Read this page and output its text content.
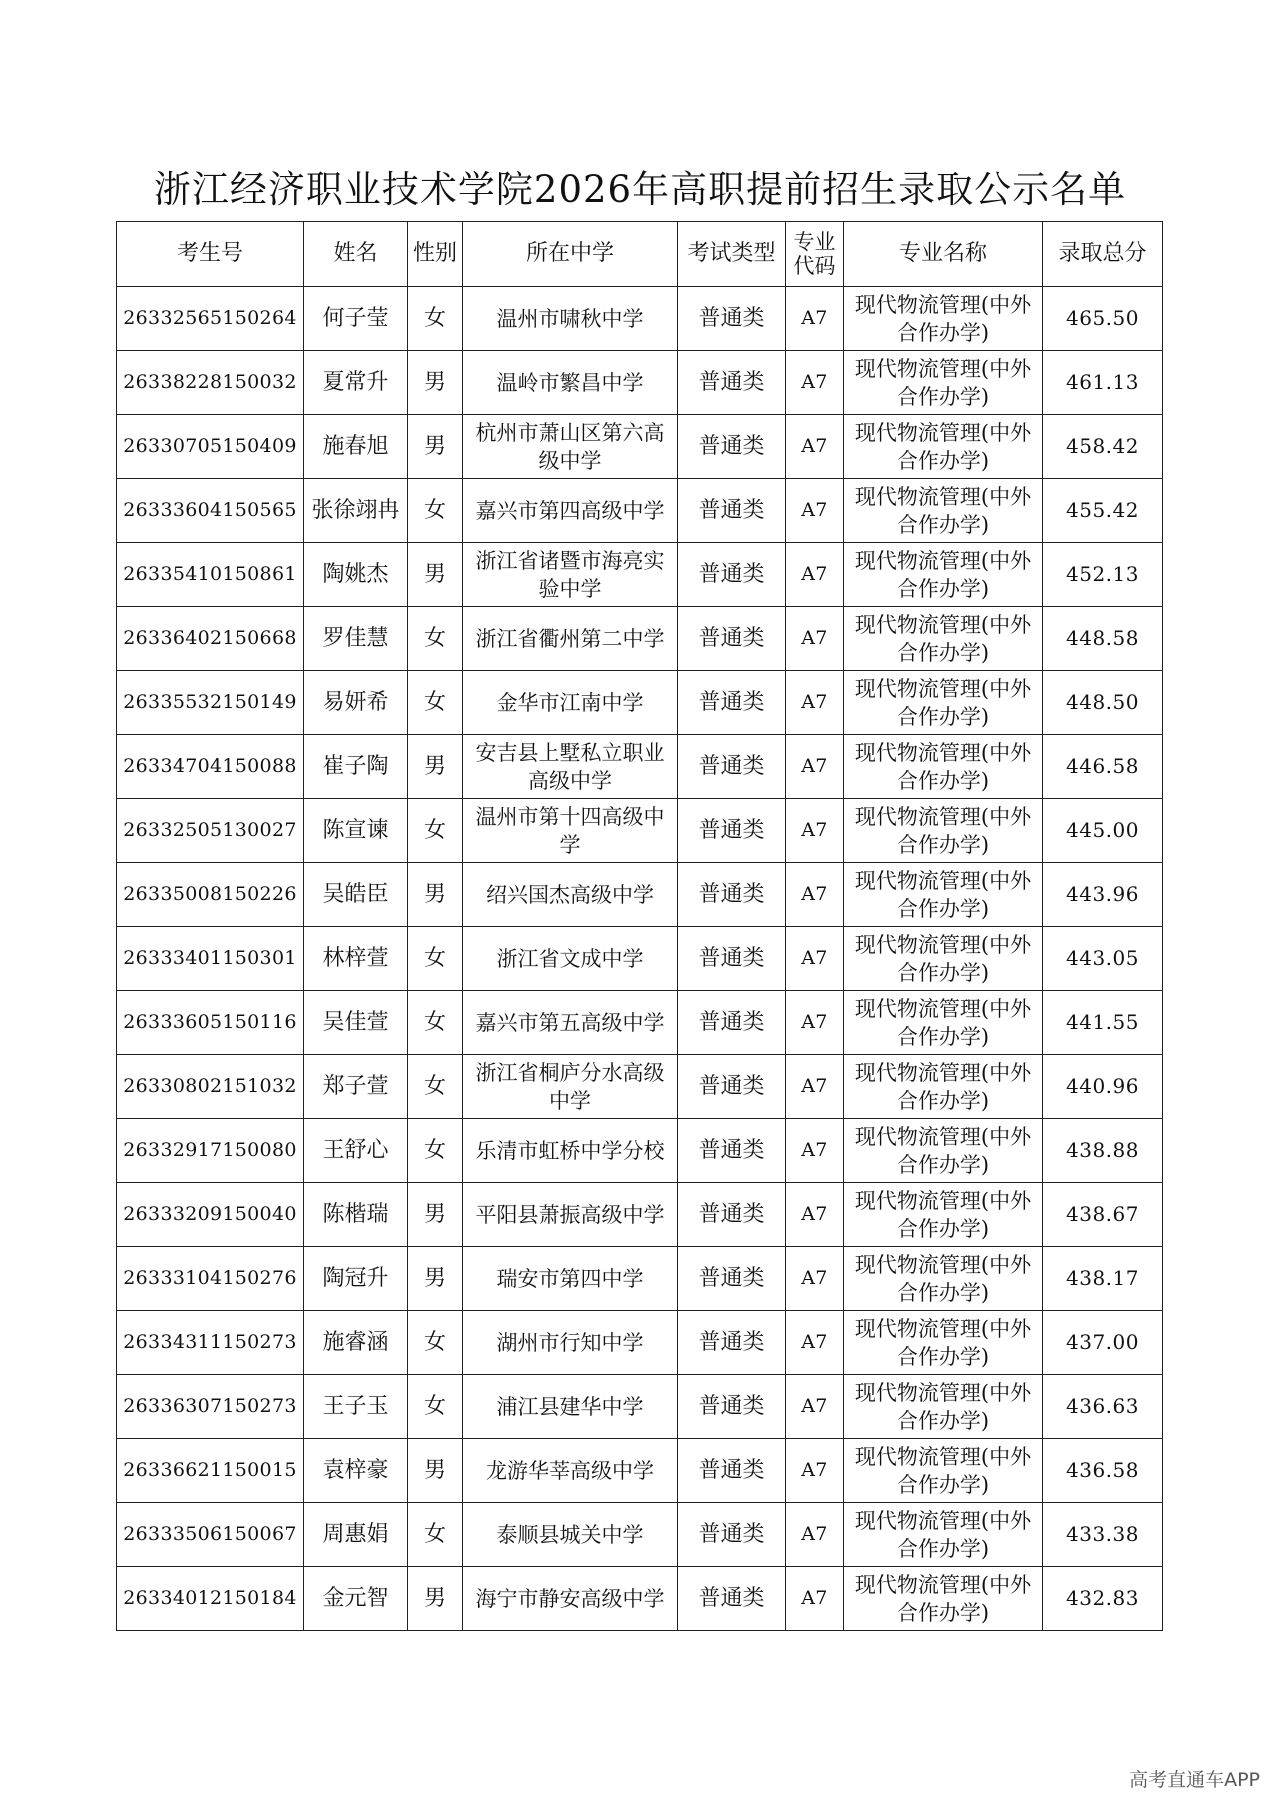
浙江经济职业技术学院2026年高职提前招生录取公示名单
考生号	姓名	性别	所在中学	考试类型	专业代码	专业名称	录取总分
26332565150264	何子莹	女	温州市啸秋中学	普通类	A7	现代物流管理(中外合作办学)	465.50
26338228150032	夏常升	男	温岭市繁昌中学	普通类	A7	现代物流管理(中外合作办学)	461.13
26330705150409	施春旭	男	杭州市萧山区第六高级中学	普通类	A7	现代物流管理(中外合作办学)	458.42
26333604150565	张徐翊冉	女	嘉兴市第四高级中学	普通类	A7	现代物流管理(中外合作办学)	455.42
26335410150861	陶姚杰	男	浙江省诸暨市海亮实验中学	普通类	A7	现代物流管理(中外合作办学)	452.13
26336402150668	罗佳慧	女	浙江省衢州第二中学	普通类	A7	现代物流管理(中外合作办学)	448.58
26335532150149	易妍希	女	金华市江南中学	普通类	A7	现代物流管理(中外合作办学)	448.50
26334704150088	崔子陶	男	安吉县上墅私立职业高级中学	普通类	A7	现代物流管理(中外合作办学)	446.58
26332505130027	陈宣谏	女	温州市第十四高级中学	普通类	A7	现代物流管理(中外合作办学)	445.00
26335008150226	吴皓臣	男	绍兴国杰高级中学	普通类	A7	现代物流管理(中外合作办学)	443.96
26333401150301	林梓萱	女	浙江省文成中学	普通类	A7	现代物流管理(中外合作办学)	443.05
26333605150116	吴佳萱	女	嘉兴市第五高级中学	普通类	A7	现代物流管理(中外合作办学)	441.55
26330802151032	郑子萱	女	浙江省桐庐分水高级中学	普通类	A7	现代物流管理(中外合作办学)	440.96
26332917150080	王舒心	女	乐清市虹桥中学分校	普通类	A7	现代物流管理(中外合作办学)	438.88
26333209150040	陈楷瑞	男	平阳县萧振高级中学	普通类	A7	现代物流管理(中外合作办学)	438.67
26333104150276	陶冠升	男	瑞安市第四中学	普通类	A7	现代物流管理(中外合作办学)	438.17
26334311150273	施睿涵	女	湖州市行知中学	普通类	A7	现代物流管理(中外合作办学)	437.00
26336307150273	王子玉	女	浦江县建华中学	普通类	A7	现代物流管理(中外合作办学)	436.63
26336621150015	袁梓豪	男	龙游华莘高级中学	普通类	A7	现代物流管理(中外合作办学)	436.58
26333506150067	周惠娟	女	泰顺县城关中学	普通类	A7	现代物流管理(中外合作办学)	433.38
26334012150184	金元智	男	海宁市静安高级中学	普通类	A7	现代物流管理(中外合作办学)	432.83
高考直通车APP
